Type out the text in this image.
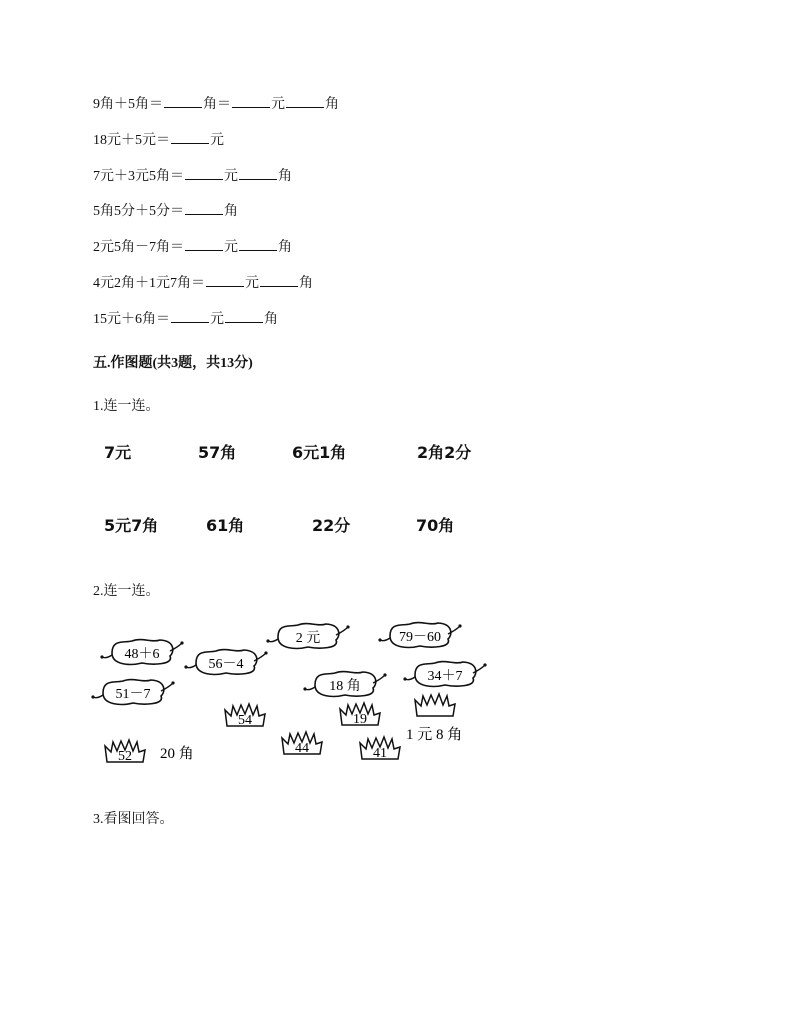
9角＋5角＝	角＝	元	角
18元＋5元＝	元
7元＋3元5角＝	元	角
5角5分＋5分＝	角
2元5角－7角＝	元	角
4元2角＋1元7角＝	元	角
15元＋6角＝	元	角
五.作图题(共3题，共13分)
1.连一连。
7元	57角	6元1角	2角2分
5元7角	61角	22分	70角
2.连一连。
48＋6
56－4
2 元	79－60
51－7
18 角
34＋7
54	19
52
44	41
20 角
1 元 8 角
3.看图回答。
